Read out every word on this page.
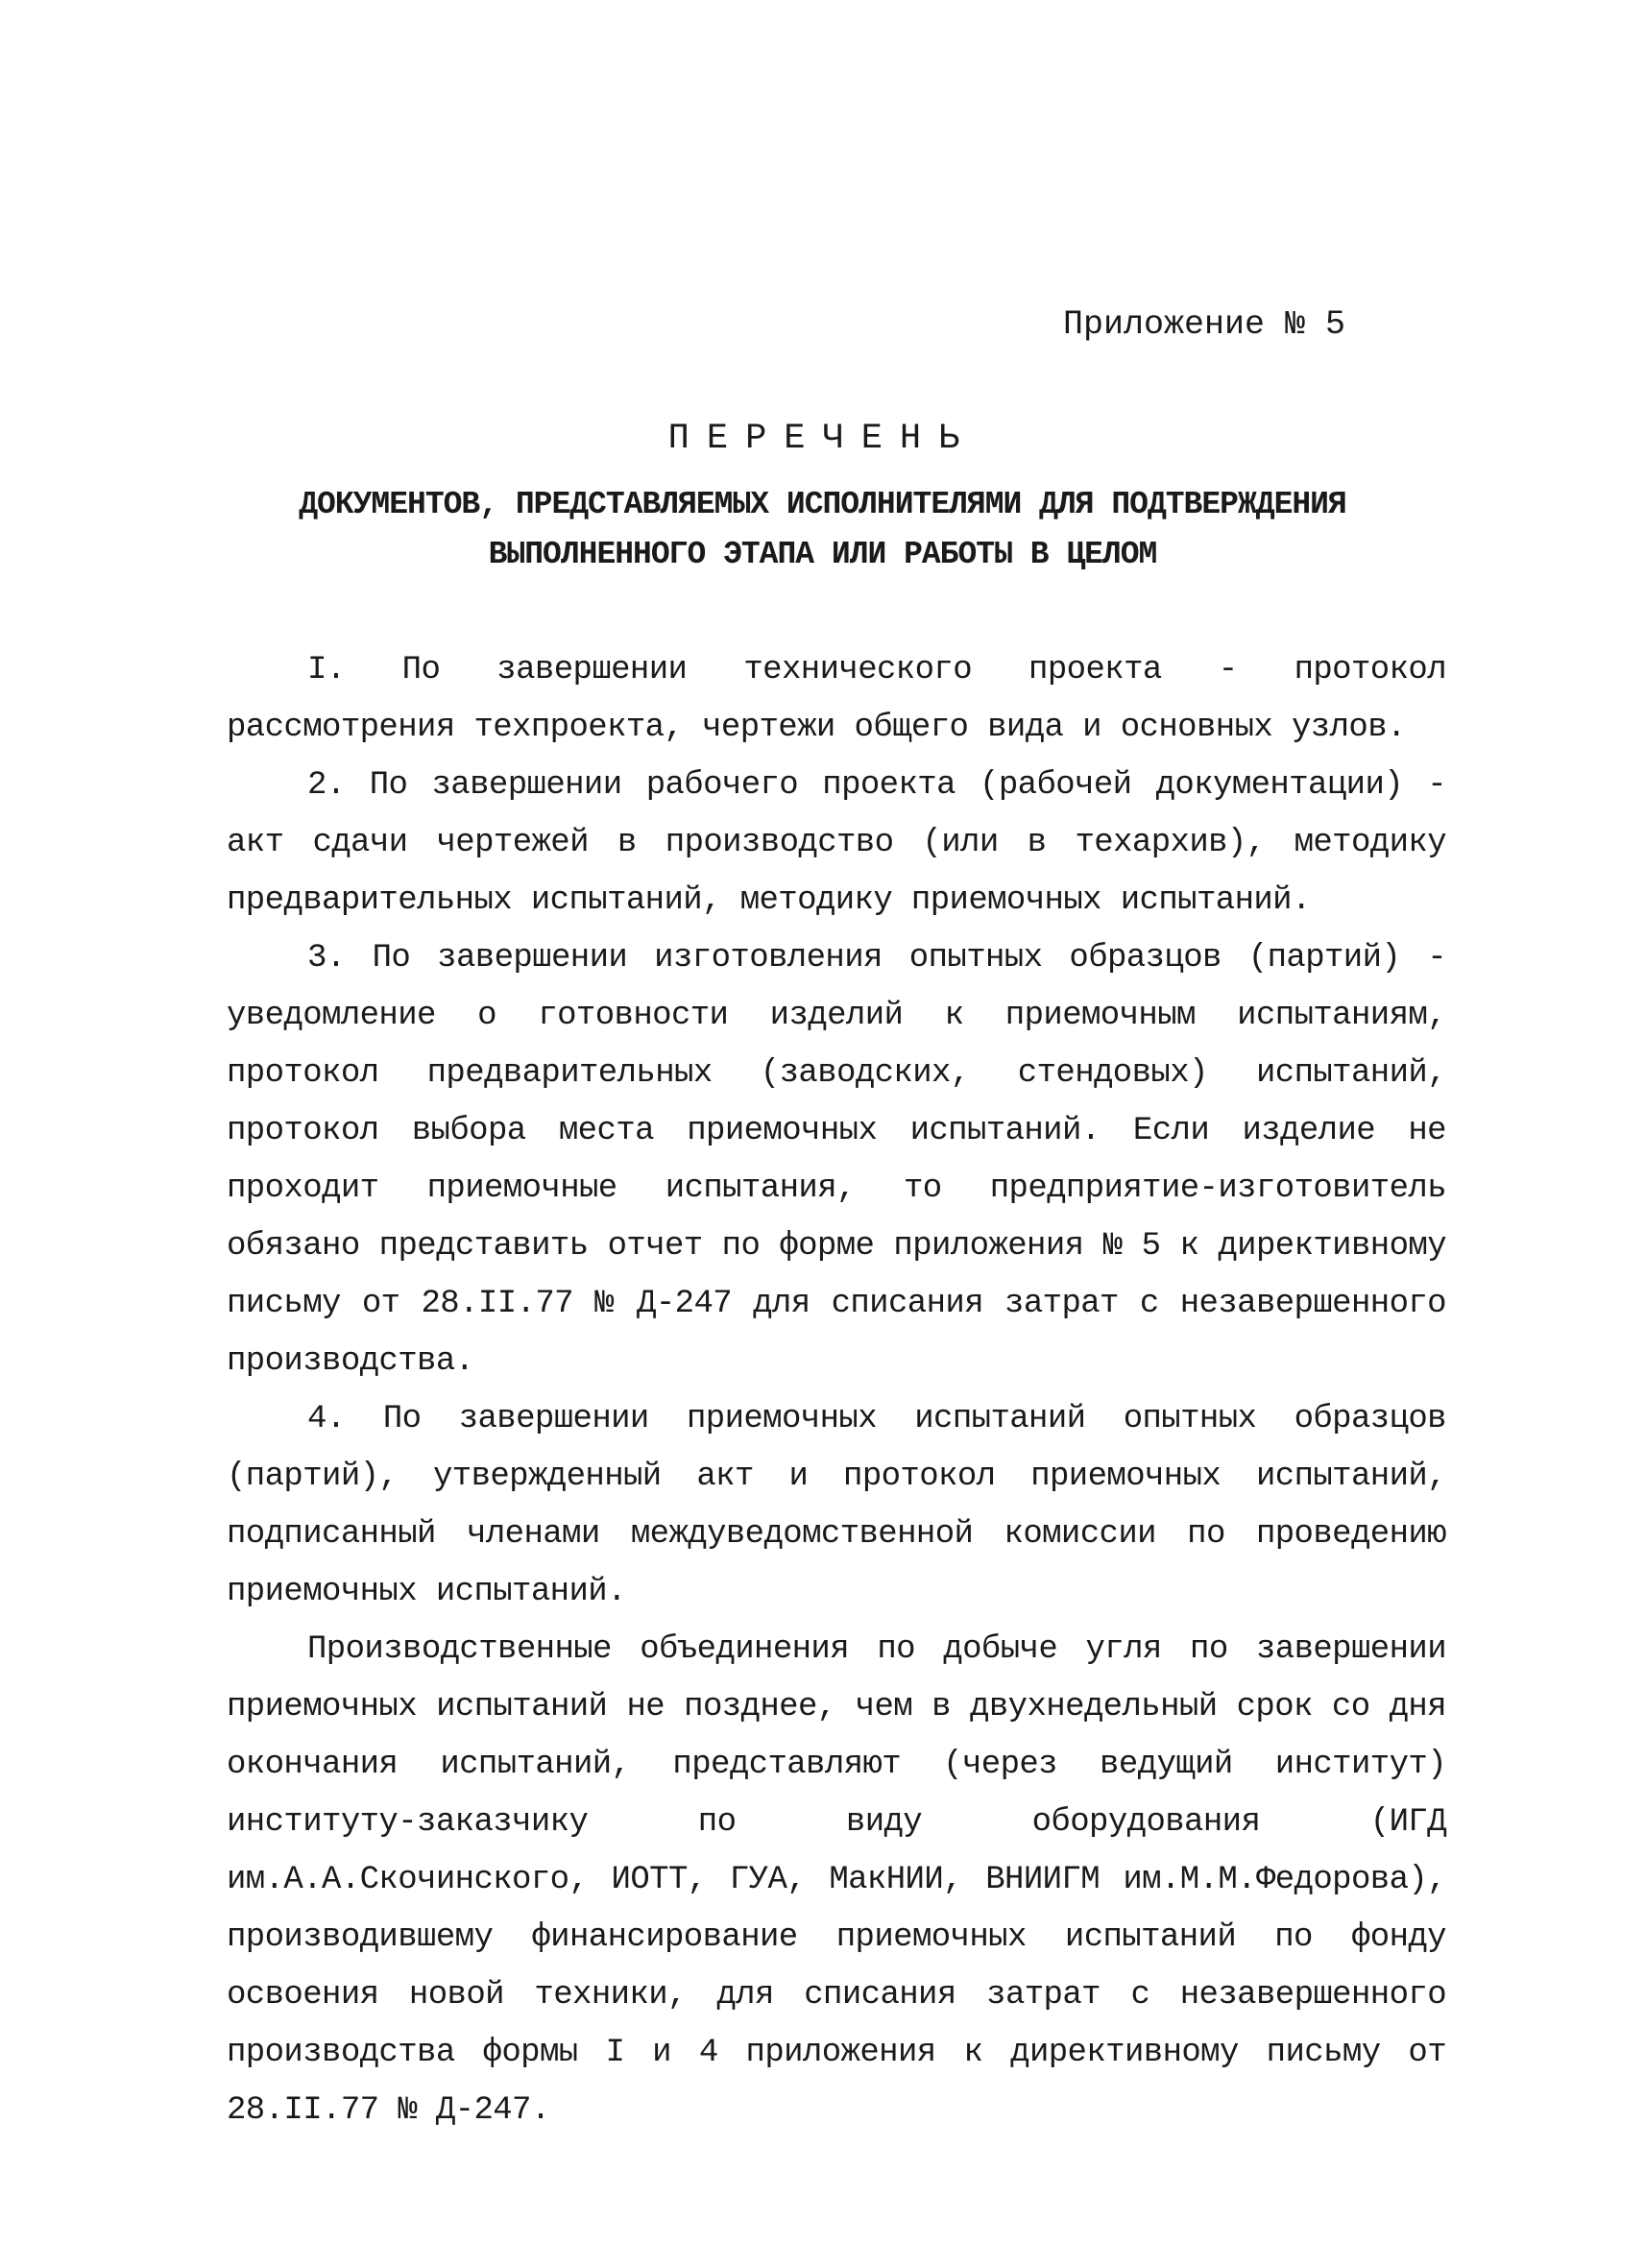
Приложение № 5
ПЕРЕЧЕНЬ
ДОКУМЕНТОВ, ПРЕДСТАВЛЯЕМЫХ ИСПОЛНИТЕЛЯМИ ДЛЯ ПОДТВЕРЖДЕНИЯ
ВЫПОЛНЕННОГО ЭТАПА ИЛИ РАБОТЫ В ЦЕЛОМ

I. По завершении технического проекта - протокол рассмотрения техпроекта, чертежи общего вида и основных узлов.

2. По завершении рабочего проекта (рабочей документации) - акт сдачи чертежей в производство (или в техархив), методику предварительных испытаний, методику приемочных испытаний.

3. По завершении изготовления опытных образцов (партий) - уведомление о готовности изделий к приемочным испытаниям, протокол предварительных (заводских, стендовых) испытаний, протокол выбора места приемочных испытаний. Если изделие не проходит приемочные испытания, то предприятие-изготовитель обязано представить отчет по форме приложения № 5 к директивному письму от 28.II.77 № Д-247 для списания затрат с незавершенного производства.

4. По завершении приемочных испытаний опытных образцов (партий), утвержденный акт и протокол приемочных испытаний, подписанный членами междуведомственной комиссии по проведению приемочных испытаний.

Производственные объединения по добыче угля по завершении приемочных испытаний не позднее, чем в двухнедельный срок со дня окончания испытаний, представляют (через ведущий институт) институту-заказчику по виду оборудования (ИГД им.А.А.Скочинского, ИОТТ, ГУА, МакНИИ, ВНИИГМ им.М.М.Федорова), производившему финансирование приемочных испытаний по фонду освоения новой техники, для списания затрат с незавершенного производства формы I и 4 приложения к директивному письму от 28.II.77 № Д-247.
